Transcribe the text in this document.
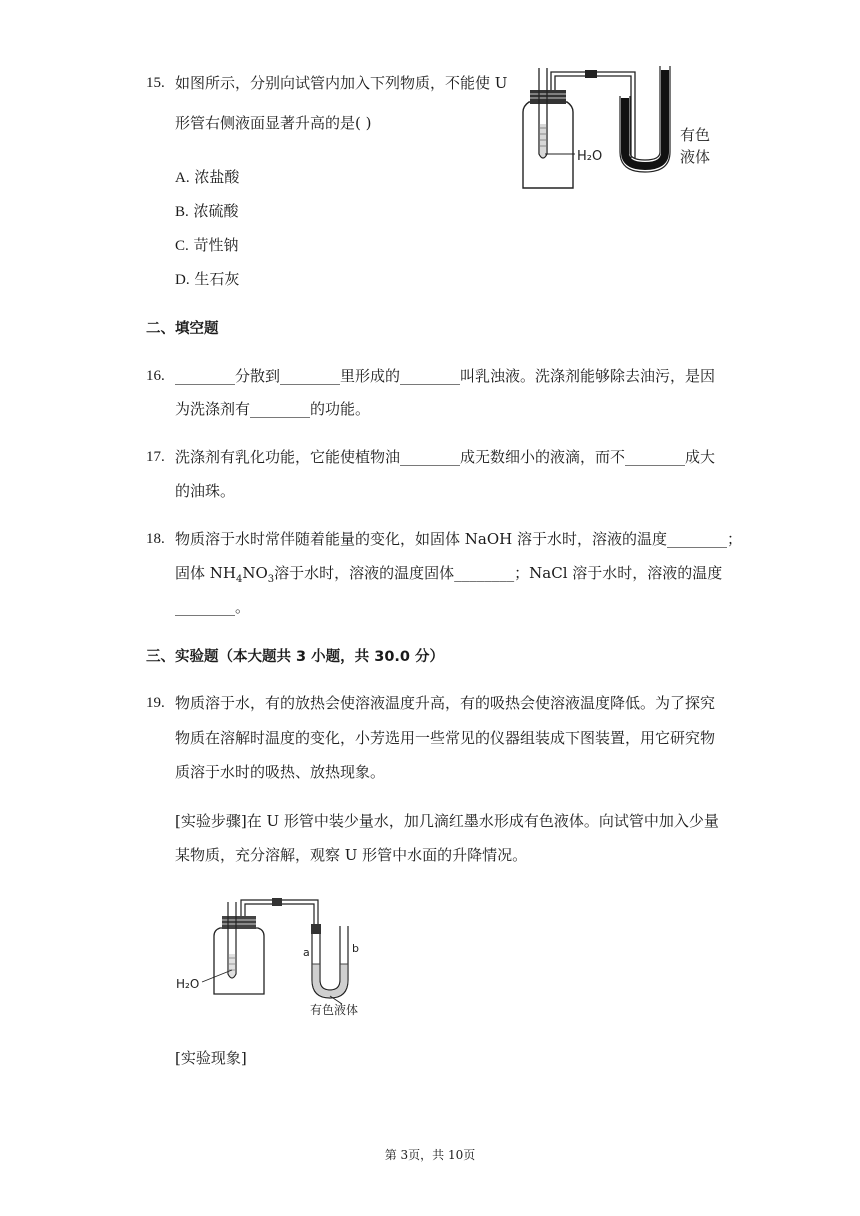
15. 如图所示，分别向试管内加入下列物质，不能使 U
形管右侧液面显著升高的是( )
A. 浓盐酸
B. 浓硫酸
C. 苛性钠
D. 生石灰
H₂O
有色
液体
二、填空题
16. ________分散到________里形成的________叫乳浊液。洗涤剂能够除去油污，是因
为洗涤剂有________的功能。
17. 洗涤剂有乳化功能，它能使植物油________成无数细小的液滴，而不________成大
的油珠。
18. 物质溶于水时常伴随着能量的变化，如固体 NaOH 溶于水时，溶液的温度________；
固体 $NH_4NO_3$溶于水时，溶液的温度固体________；NaCl 溶于水时，溶液的温度
________。
三、实验题（本大题共 3 小题，共 30.0 分）
19. 物质溶于水，有的放热会使溶液温度升高，有的吸热会使溶液温度降低。为了探究
物质在溶解时温度的变化，小芳选用一些常见的仪器组装成下图装置，用它研究物
质溶于水时的吸热、放热现象。
[实验步骤]在 U 形管中装少量水，加几滴红墨水形成有色液体。向试管中加入少量
某物质，充分溶解，观察 U 形管中水面的升降情况。
a	b
H₂O
有色液体
[实验现象]
第 3页，共 10页
